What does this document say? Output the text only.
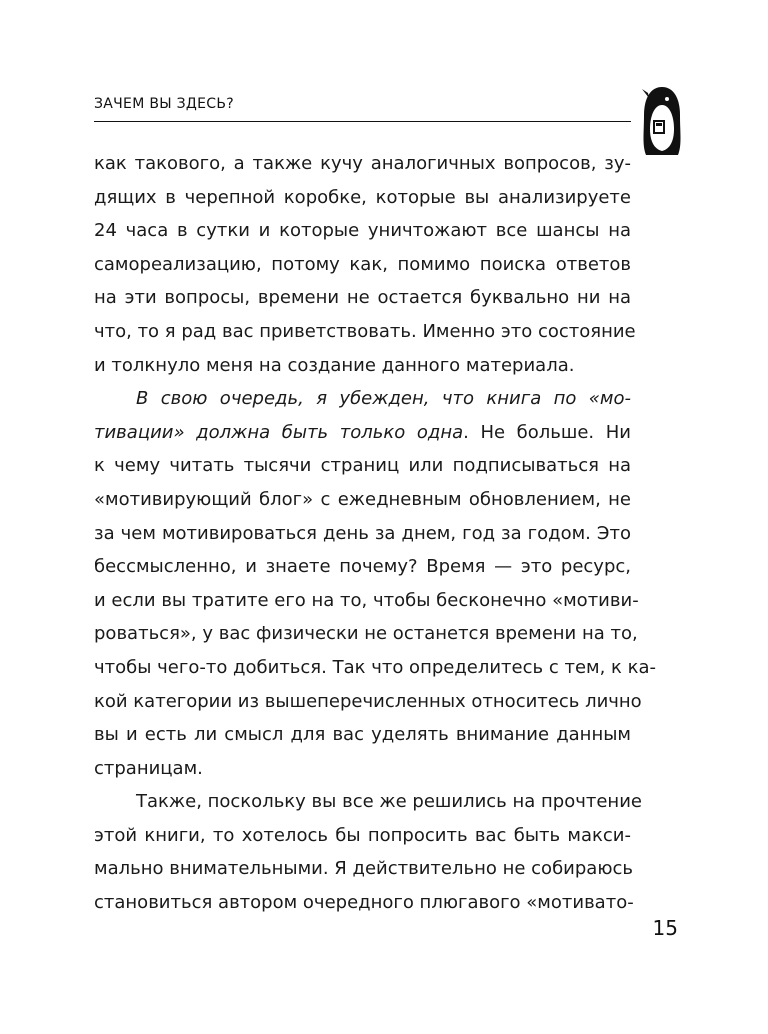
ЗАЧЕМ ВЫ ЗДЕСЬ?
как такового, а также кучу аналогичных вопросов, зу-
дящих в черепной коробке, которые вы анализируете
24 часа в сутки и которые уничтожают все шансы на
самореализацию, потому как, помимо поиска ответов
на эти вопросы, времени не остается буквально ни на
что, то я рад вас приветствовать. Именно это состояние
и толкнуло меня на создание данного материала.
В свою очередь, я убежден, что книга по «мо-
тивации» должна быть только одна. Не больше. Ни
к чему читать тысячи страниц или подписываться на
«мотивирующий блог» с ежедневным обновлением, не
за чем мотивироваться день за днем, год за годом. Это
бессмысленно, и знаете почему? Время — это ресурс,
и если вы тратите его на то, чтобы бесконечно «мотиви-
роваться», у вас физически не останется времени на то,
чтобы чего-то добиться. Так что определитесь с тем, к ка-
кой категории из вышеперечисленных относитесь лично
вы и есть ли смысл для вас уделять внимание данным
страницам.
Также, поскольку вы все же решились на прочтение
этой книги, то хотелось бы попросить вас быть макси-
мально внимательными. Я действительно не собираюсь
становиться автором очередного плюгавого «мотивато-
15
